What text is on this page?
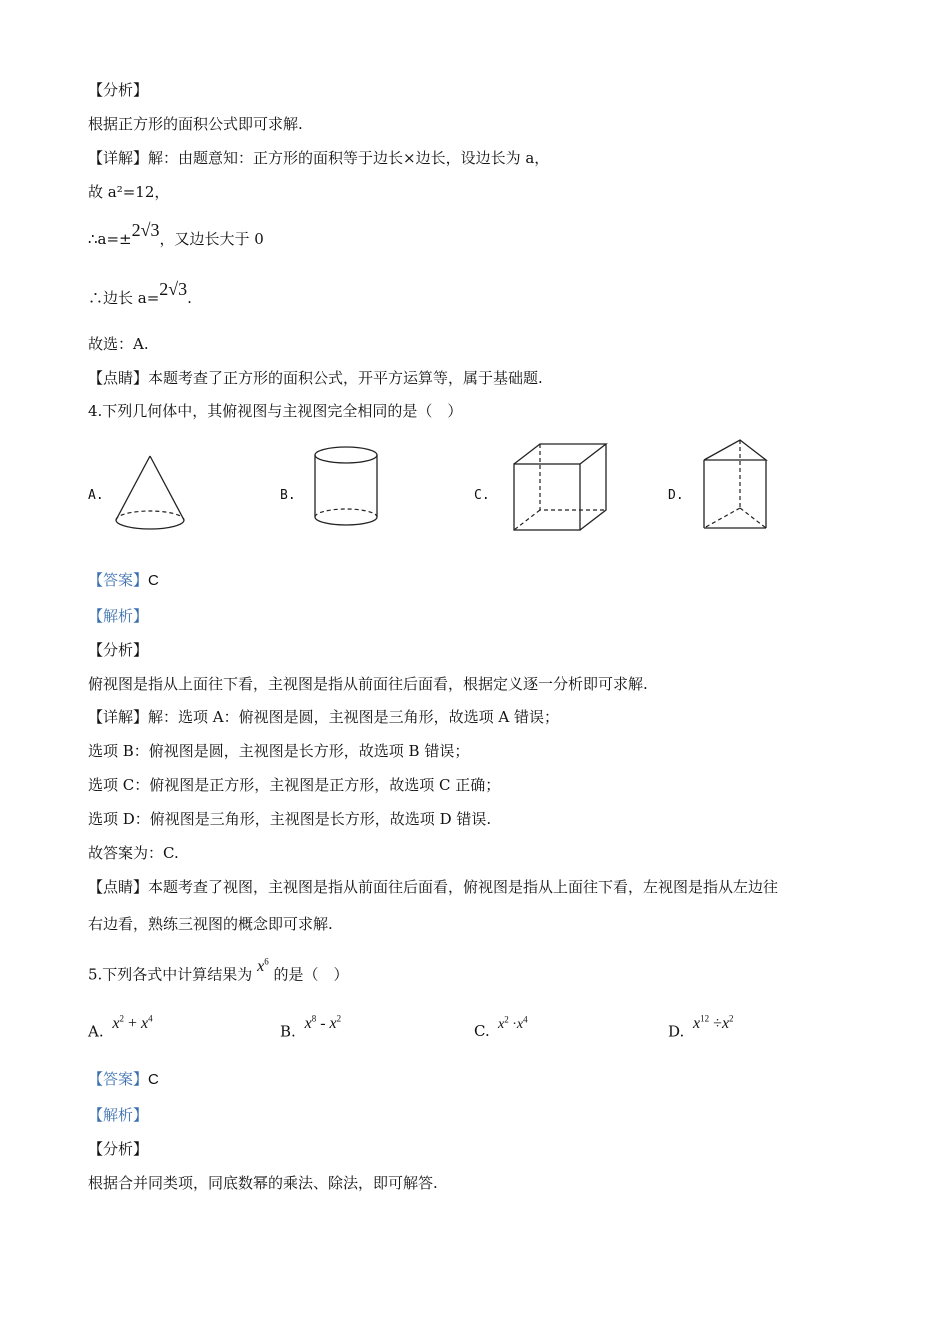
【分析】
根据正方形的面积公式即可求解.
【详解】解：由题意知：正方形的面积等于边长×边长，设边长为 a，
故 a²=12，
∴a=±2√3，又边长大于 0
∴边长 a=2√3.
故选：A.
【点睛】本题考查了正方形的面积公式，开平方运算等，属于基础题.
4.下列几何体中，其俯视图与主视图完全相同的是（　）
A.	B.	C.	D.
【答案】C
【解析】
【分析】
俯视图是指从上面往下看，主视图是指从前面往后面看，根据定义逐一分析即可求解.
【详解】解：选项 A：俯视图是圆，主视图是三角形，故选项 A 错误；
选项 B：俯视图是圆，主视图是长方形，故选项 B 错误；
选项 C：俯视图是正方形，主视图是正方形，故选项 C 正确；
选项 D：俯视图是三角形，主视图是长方形，故选项 D 错误.
故答案为：C.
【点睛】本题考查了视图，主视图是指从前面往后面看，俯视图是指从上面往下看，左视图是指从左边往
右边看，熟练三视图的概念即可求解.
5.下列各式中计算结果为 $x^6$ 的是（　）
A. $x^2 + x^4$
B. $x^8 - x^2$
C. $x^2 \cdot x^4$
D. $x^{12} \div x^2$
【答案】C
【解析】
【分析】
根据合并同类项，同底数幂的乘法、除法，即可解答.
